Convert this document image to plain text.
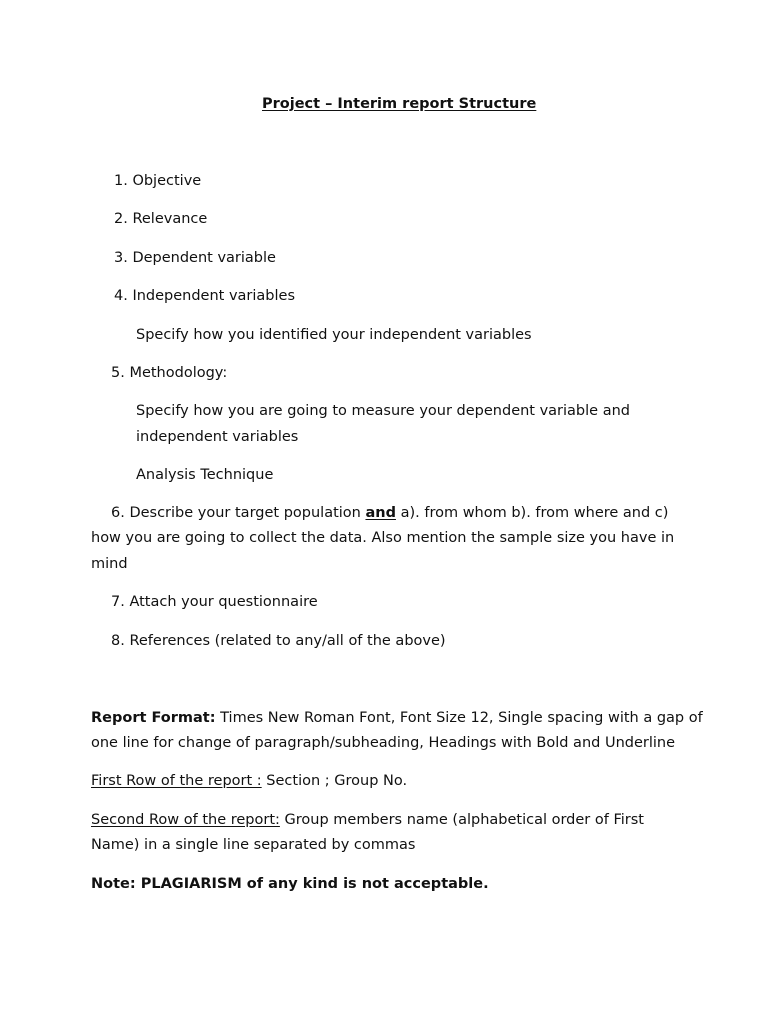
Project – Interim report Structure
1. Objective
2. Relevance
3. Dependent variable
4. Independent variables
Specify how you identified your independent variables
5. Methodology:
Specify how you are going to measure your dependent variable and
independent variables
Analysis Technique
6. Describe your target population and a). from whom b). from where and c)
how you are going to collect the data. Also mention the sample size you have in
mind
7. Attach your questionnaire
8. References (related to any/all of the above)
Report Format: Times New Roman Font, Font Size 12, Single spacing with a gap of
one line for change of paragraph/subheading, Headings with Bold and Underline
First Row of the report : Section ; Group No.
Second Row of the report: Group members name (alphabetical order of First
Name) in a single line separated by commas
Note: PLAGIARISM of any kind is not acceptable.
